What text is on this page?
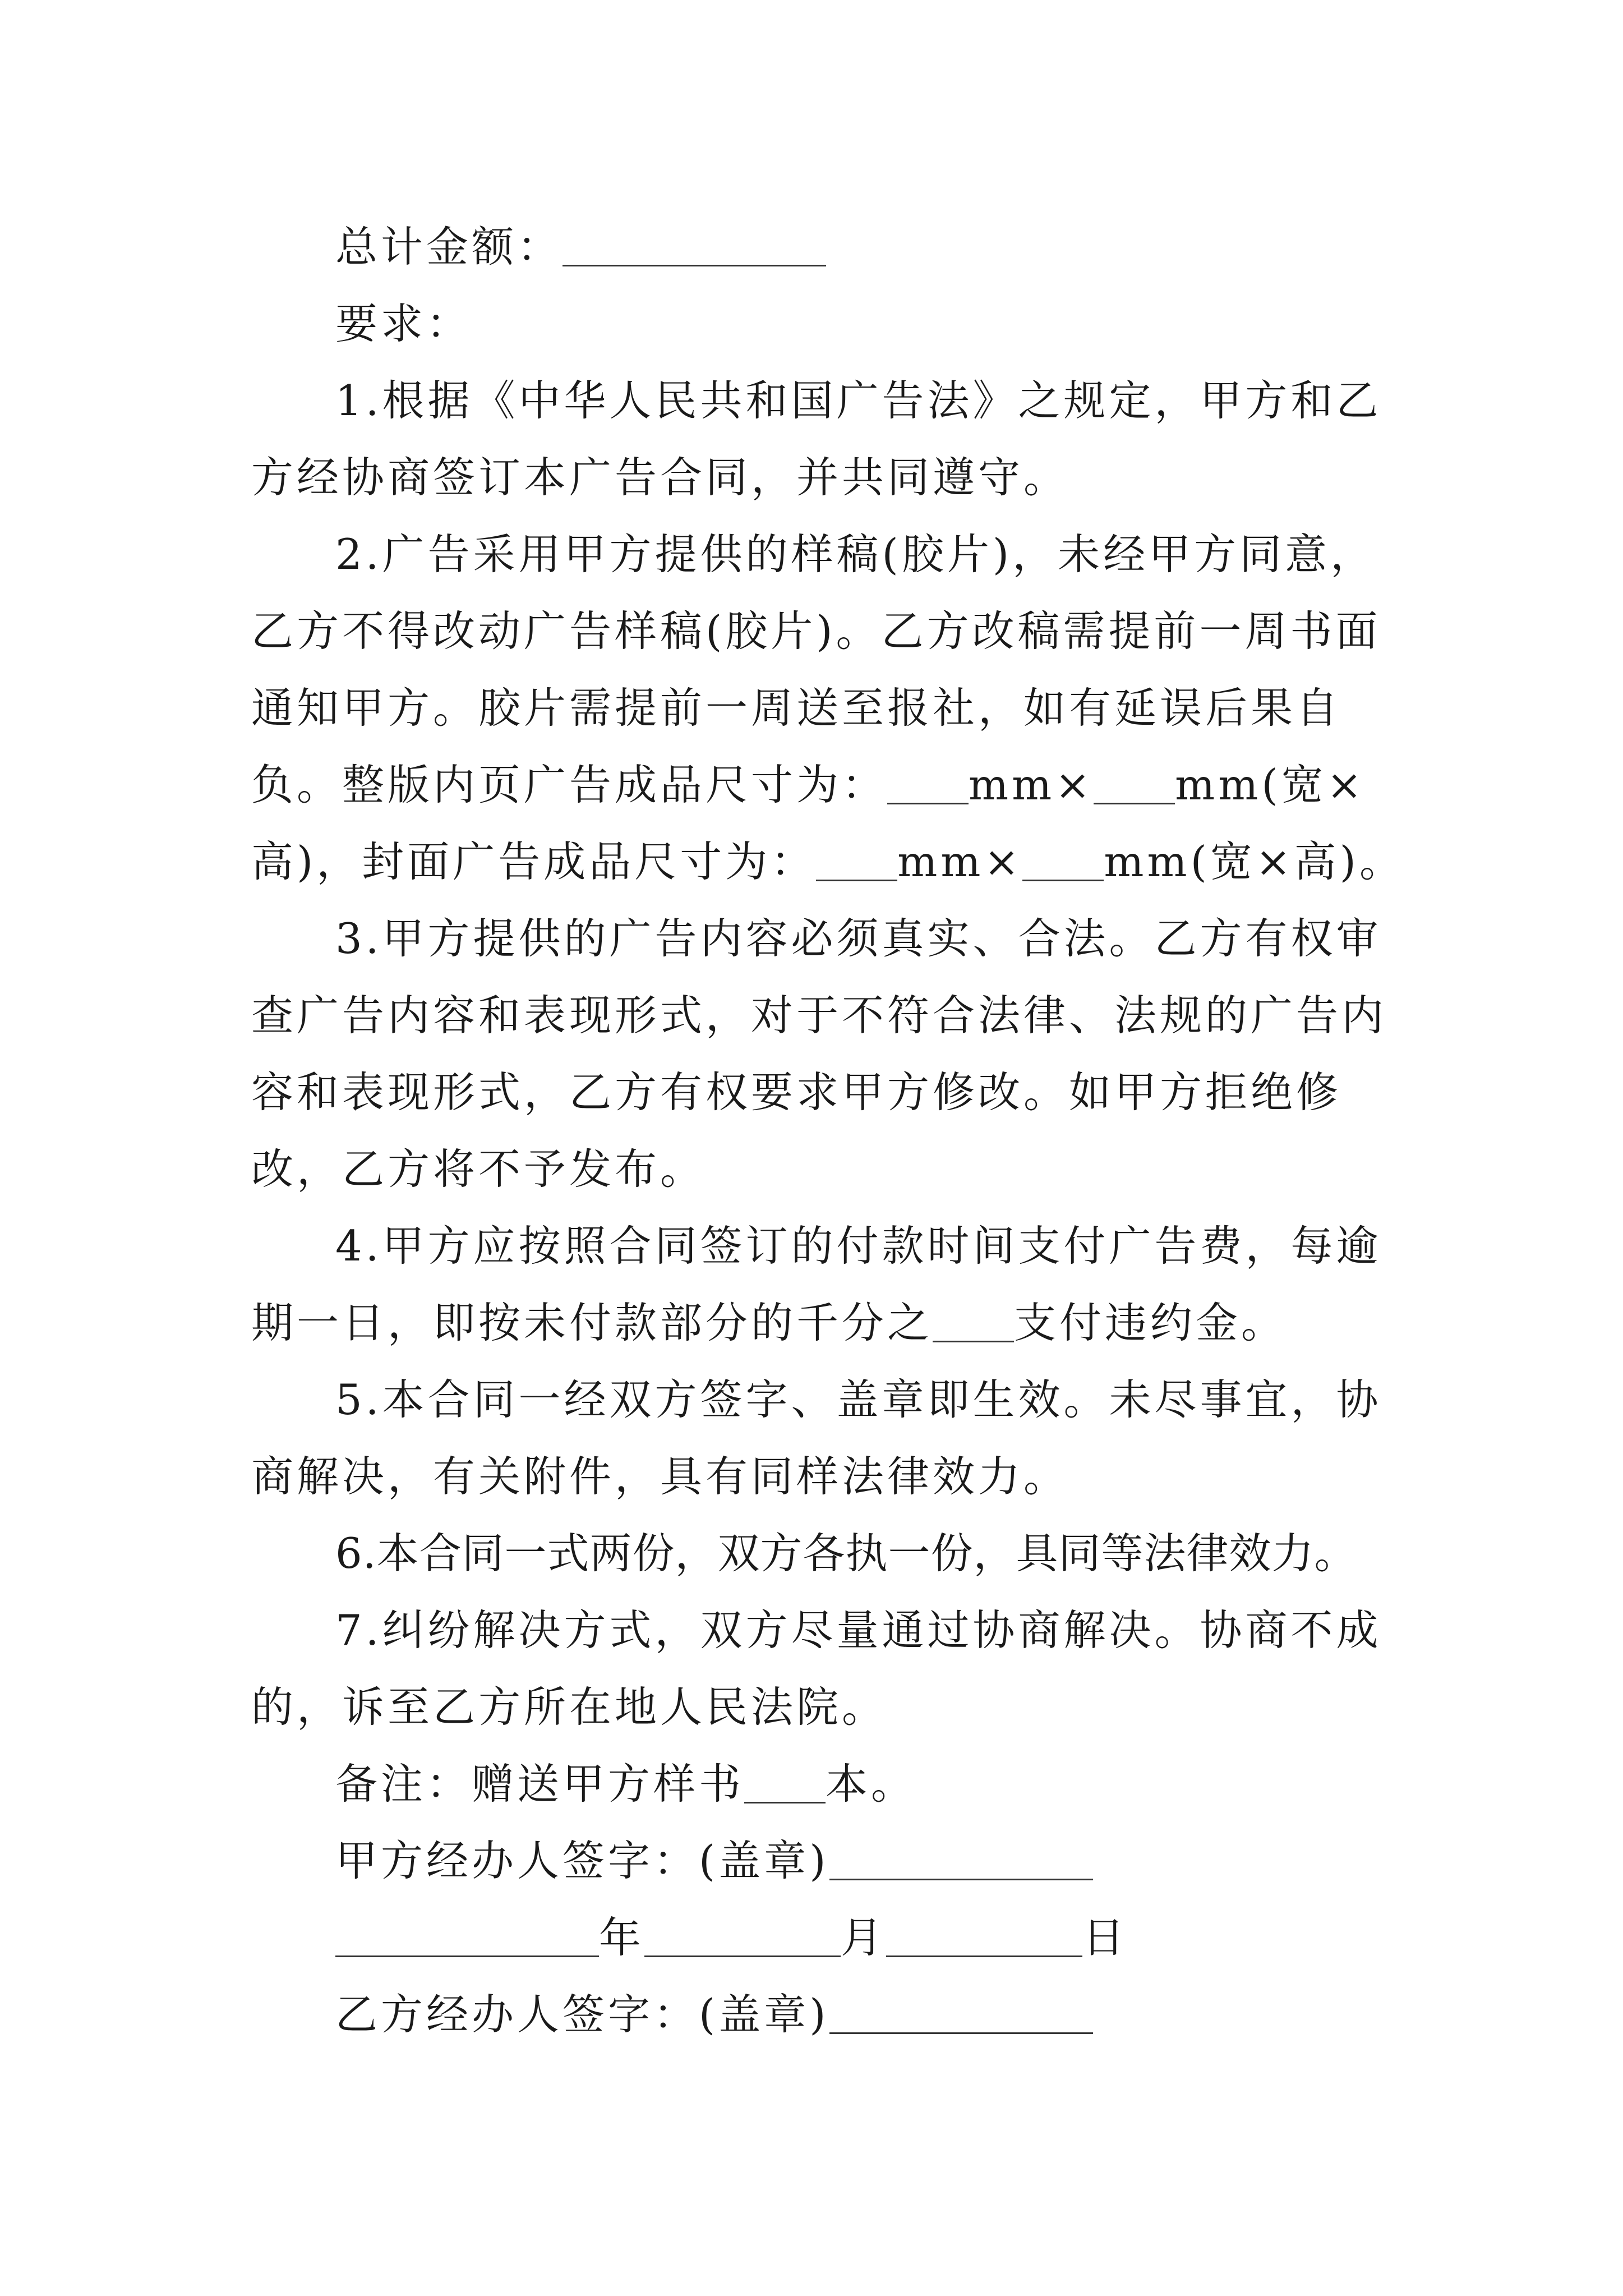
总计金额：

要求：

1.根据《中华人民共和国广告法》之规定，甲方和乙方经协商签订本广告合同，并共同遵守。

2.广告采用甲方提供的样稿(胶片)，未经甲方同意，乙方不得改动广告样稿(胶片)。乙方改稿需提前一周书面通知甲方。胶片需提前一周送至报社，如有延误后果自负。整版内页广告成品尺寸为： mm× mm(宽×高)，封面广告成品尺寸为： mm× mm(宽×高)。

3.甲方提供的广告内容必须真实、合法。乙方有权审查广告内容和表现形式，对于不符合法律、法规的广告内容和表现形式，乙方有权要求甲方修改。如甲方拒绝修改，乙方将不予发布。

4.甲方应按照合同签订的付款时间支付广告费，每逾期一日，即按未付款部分的千分之 支付违约金。

5.本合同一经双方签字、盖章即生效。未尽事宜，协商解决，有关附件，具有同样法律效力。

6.本合同一式两份，双方各执一份，具同等法律效力。

7.纠纷解决方式，双方尽量通过协商解决。协商不成的，诉至乙方所在地人民法院。

备注：赠送甲方样书 本。

甲方经办人签字：(盖章)

年	月	日

乙方经办人签字：(盖章)
